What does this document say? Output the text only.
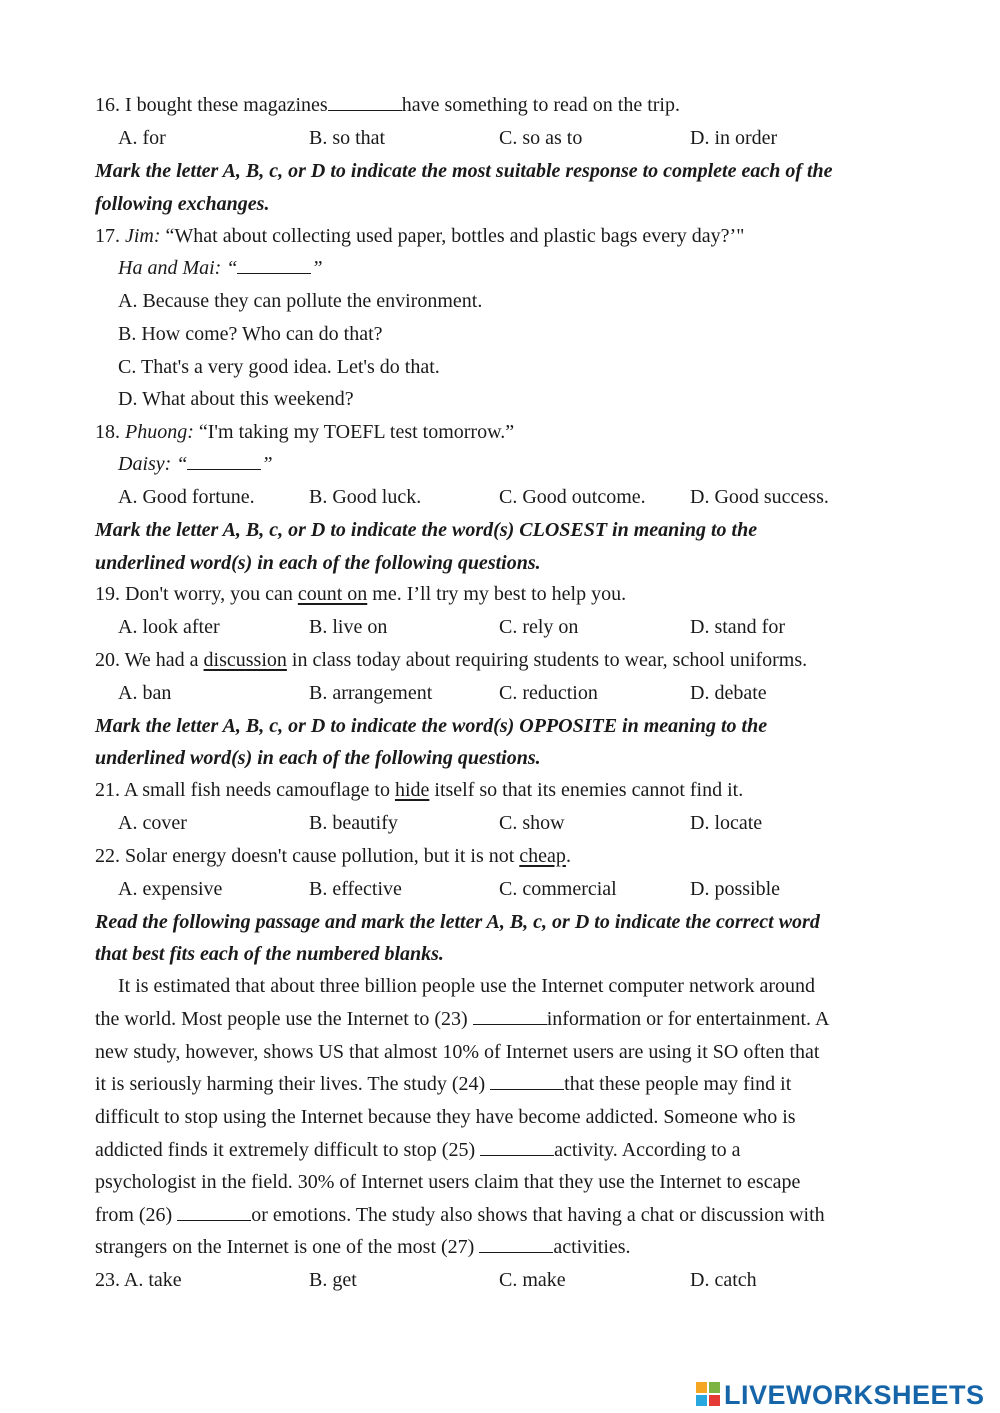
16. I bought these magazines	have something to read on the trip.
A. for	B. so that	C. so as to	D. in order
Mark the letter A, B, c, or D to indicate the most suitable response to complete each of the
following exchanges.
17. Jim: “What about collecting used paper, bottles and plastic bags every day?’"
Ha and Mai: “	”
A. Because they can pollute the environment.
B. How come? Who can do that?
C. That's a very good idea. Let's do that.
D. What about this weekend?
18. Phuong: “I'm taking my TOEFL test tomorrow.”
Daisy: “	”
A. Good fortune.	B. Good luck.	C. Good outcome. D. Good success.
Mark the letter A, B, c, or D to indicate the word(s) CLOSEST in meaning to the
underlined word(s) in each of the following questions.
19. Don't worry, you can count on me. I’ll try my best to help you.
A. look after	B. live on	C. rely on	D. stand for
20. We had a discussion in class today about requiring students to wear, school uniforms.
A. ban	B. arrangement	C. reduction	D. debate
Mark the letter A, B, c, or D to indicate the word(s) OPPOSITE in meaning to the
underlined word(s) in each of the following questions.
21. A small fish needs camouflage to hide itself so that its enemies cannot find it.
A. cover	B. beautify	C. show	D. locate
22. Solar energy doesn't cause pollution, but it is not cheap.
A. expensive	B. effective	C. commercial	D. possible
Read the following passage and mark the letter A, B, c, or D to indicate the correct word
that best fits each of the numbered blanks.
It is estimated that about three billion people use the Internet computer network around
the world. Most people use the Internet to (23)	information or for entertainment. A
new study, however, shows US that almost 10% of Internet users are using it SO often that
it is seriously harming their lives. The study (24)	that these people may find it
difficult to stop using the Internet because they have become addicted. Someone who is
addicted finds it extremely difficult to stop (25)	activity. According to a
psychologist in the field. 30% of Internet users claim that they use the Internet to escape
from (26)	or emotions. The study also shows that having a chat or discussion with
strangers on the Internet is one of the most (27)	activities.
23. A. take	B. get	C. make	D. catch
LIVEWORKSHEETS
